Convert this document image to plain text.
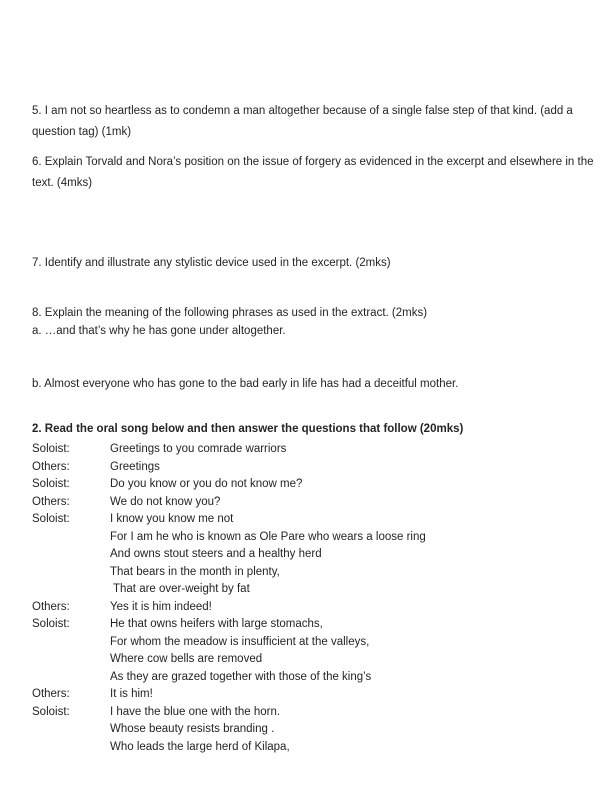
5. I am not so heartless as to condemn a man altogether because of a single false step of that kind. (add a
question tag) (1mk)
6. Explain Torvald and Nora’s position on the issue of forgery as evidenced in the excerpt and elsewhere in the
text. (4mks)
7. Identify and illustrate any stylistic device used in the excerpt. (2mks)
8. Explain the meaning of the following phrases as used in the extract. (2mks)
a. …and that’s why he has gone under altogether.
b. Almost everyone who has gone to the bad early in life has had a deceitful mother.
2. Read the oral song below and then answer the questions that follow (20mks)
Soloist:	Greetings to you comrade warriors
Others:	Greetings
Soloist:	Do you know or you do not know me?
Others:	We do not know you?
Soloist:	I know you know me not
For I am he who is known as Ole Pare who wears a loose ring
And owns stout steers and a healthy herd
That bears in the month in plenty,
That are over-weight by fat
Others:	Yes it is him indeed!
Soloist:	He that owns heifers with large stomachs,
For whom the meadow is insufficient at the valleys,
Where cow bells are removed
As they are grazed together with those of the king’s
Others:	It is him!
Soloist:	I have the blue one with the horn.
Whose beauty resists branding .
Who leads the large herd of Kilapa,
